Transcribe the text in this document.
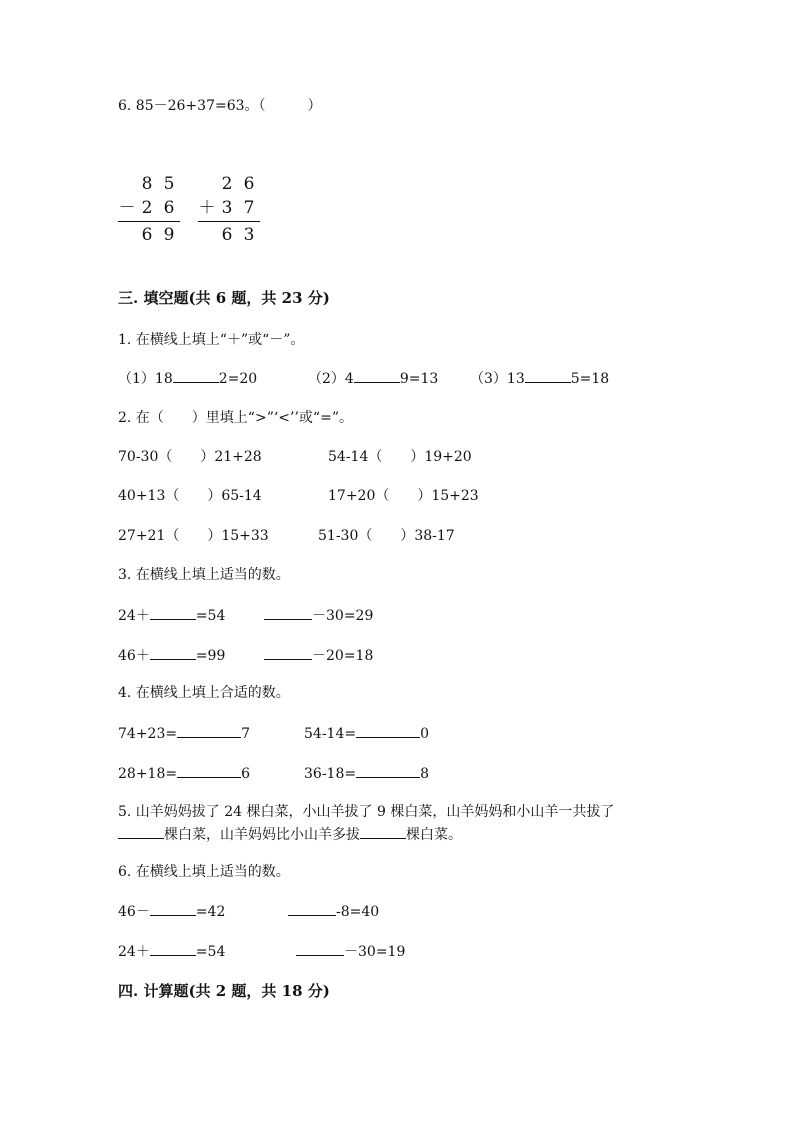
6. 85－26+37=63。（　　　）
8 5
－ 2 6
6 9
2 6
＋ 3 7
6 3
三. 填空题(共 6 题，共 23 分)
1. 在横线上填上“＋”或“－”。
（1）18	2=20	（2）4	9=13 （3）13	5=18
2. 在（　　）里填上“>”‘<’’或“=”。
70-30（　　）21+28	54-14（　　）19+20
40+13（　　）65-14	17+20（　　）15+23
27+21（　　）15+33	51-30（　　）38-17
3. 在横线上填上适当的数。
24＋	=54	－30=29
46＋	=99	－20=18
4. 在横线上填上合适的数。
74+23=	7	54-14=	0
28+18=	6	36-18=	8
5. 山羊妈妈拔了 24 棵白菜，小山羊拔了 9 棵白菜，山羊妈妈和小山羊一共拔了
棵白菜，山羊妈妈比小山羊多拔	棵白菜。
6. 在横线上填上适当的数。
46－	=42	-8=40
24＋	=54	－30=19
四. 计算题(共 2 题，共 18 分)
